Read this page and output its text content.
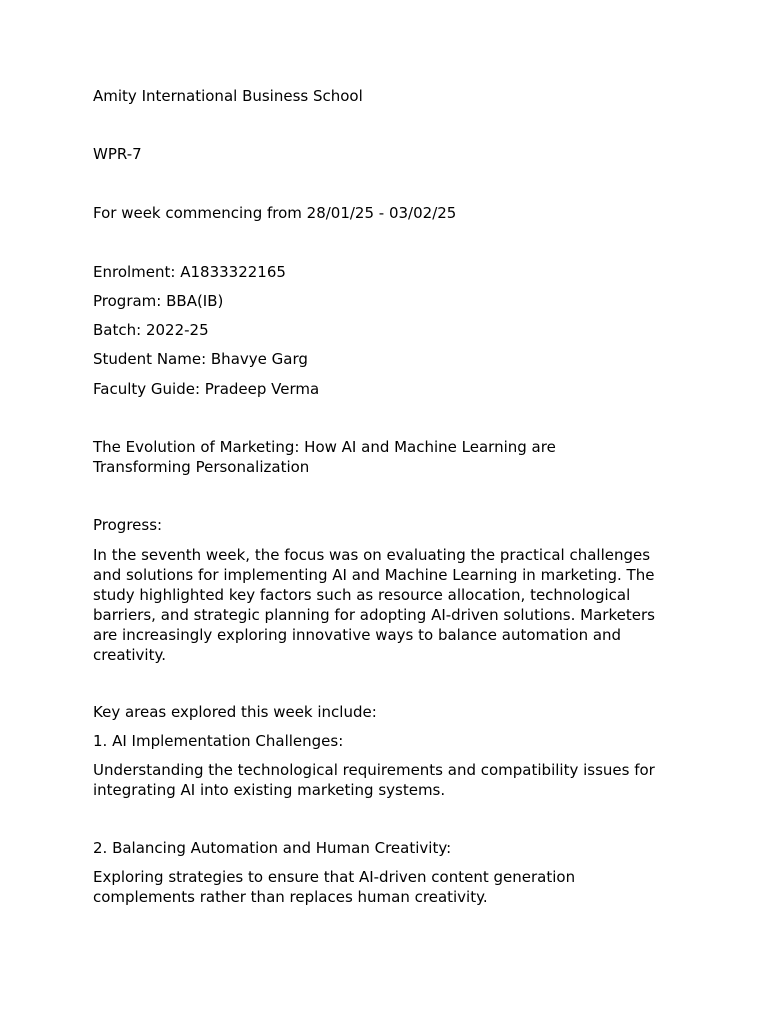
Amity International Business School

WPR-7

For week commencing from 28/01/25 - 03/02/25

Enrolment: A1833322165

Program: BBA(IB)

Batch: 2022-25

Student Name: Bhavye Garg

Faculty Guide: Pradeep Verma

The Evolution of Marketing: How AI and Machine Learning are Transforming Personalization

Progress:

In the seventh week, the focus was on evaluating the practical challenges and solutions for implementing AI and Machine Learning in marketing. The study highlighted key factors such as resource allocation, technological barriers, and strategic planning for adopting AI-driven solutions. Marketers are increasingly exploring innovative ways to balance automation and creativity.

Key areas explored this week include:

1. AI Implementation Challenges:

Understanding the technological requirements and compatibility issues for integrating AI into existing marketing systems.

2. Balancing Automation and Human Creativity:

Exploring strategies to ensure that AI-driven content generation complements rather than replaces human creativity.
